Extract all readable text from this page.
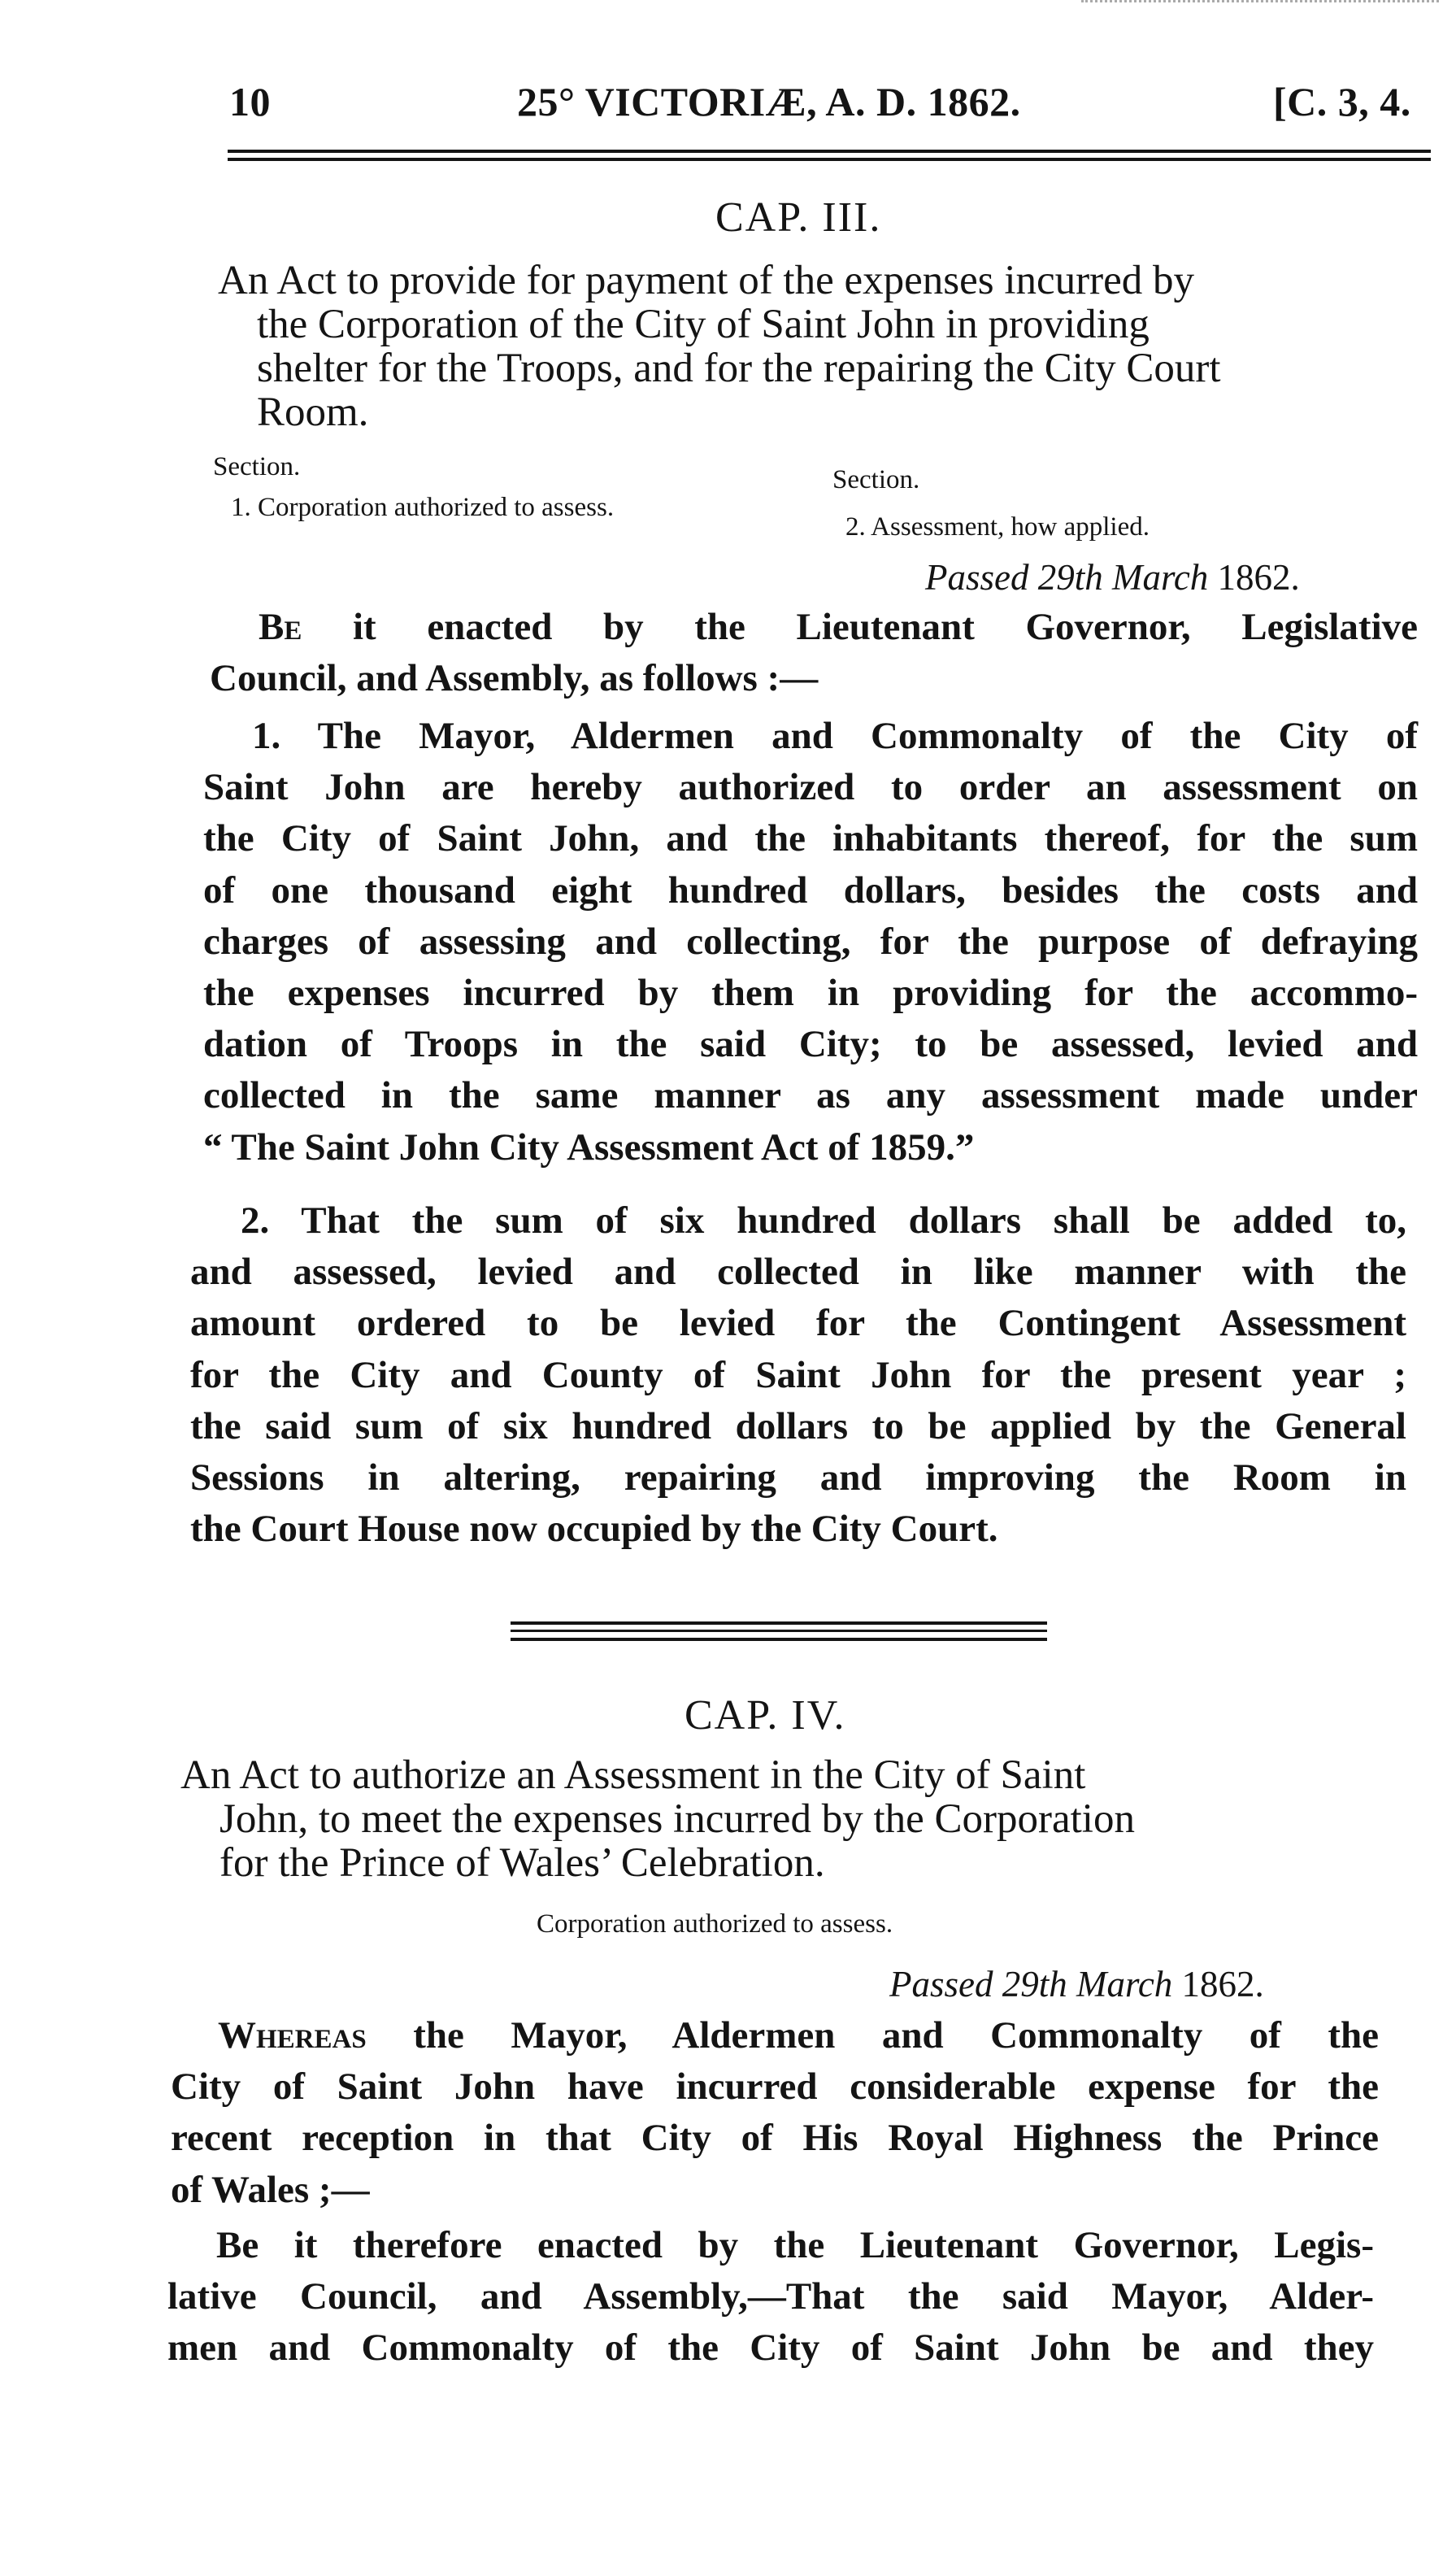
10	25° VICTORIÆ, A. D. 1862.	[C. 3, 4.
CAP. III.
An Act to provide for payment of the expenses incurred by
the Corporation of the City of Saint John in providing
shelter for the Troops, and for the repairing the City Court
Room.
Section.
1. Corporation authorized to assess.
Section.
2. Assessment, how applied.
Passed 29th March 1862.
Be it enacted by the Lieutenant Governor, Legislative
Council, and Assembly, as follows :—
1. The Mayor, Aldermen and Commonalty of the City of
Saint John are hereby authorized to order an assessment on
the City of Saint John, and the inhabitants thereof, for the sum
of one thousand eight hundred dollars, besides the costs and
charges of assessing and collecting, for the purpose of defraying
the expenses incurred by them in providing for the accommo-
dation of Troops in the said City; to be assessed, levied and
collected in the same manner as any assessment made under
“ The Saint John City Assessment Act of 1859.”
2. That the sum of six hundred dollars shall be added to,
and assessed, levied and collected in like manner with the
amount ordered to be levied for the Contingent Assessment
for the City and County of Saint John for the present year ;
the said sum of six hundred dollars to be applied by the General
Sessions in altering, repairing and improving the Room in
the Court House now occupied by the City Court.
CAP. IV.
An Act to authorize an Assessment in the City of Saint
John, to meet the expenses incurred by the Corporation
for the Prince of Wales’ Celebration.
Corporation authorized to assess.
Passed 29th March 1862.
Whereas the Mayor, Aldermen and Commonalty of the
City of Saint John have incurred considerable expense for the
recent reception in that City of His Royal Highness the Prince
of Wales ;—
Be it therefore enacted by the Lieutenant Governor, Legis-
lative Council, and Assembly,—That the said Mayor, Alder-
men and Commonalty of the City of Saint John be and they
